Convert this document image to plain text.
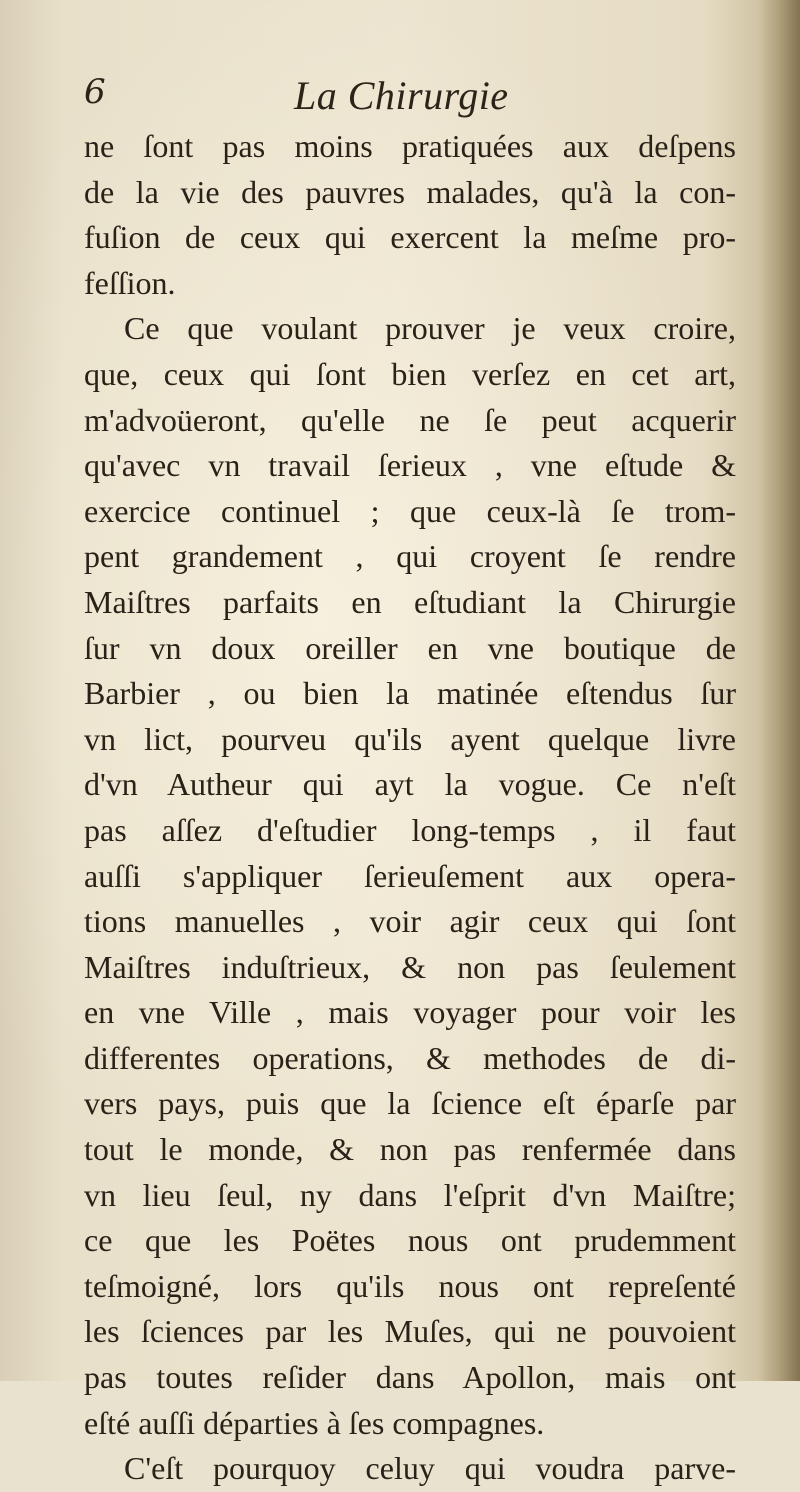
6	La Chirurgie
ne ſont pas moins pratiquées aux deſpens
de la vie des pauvres malades, qu'à la con-
fuſion de ceux qui exercent la meſme pro-
feſſion.
Ce que voulant prouver je veux croire,
que, ceux qui ſont bien verſez en cet art,
m'advoüeront, qu'elle ne ſe peut acquerir
qu'avec vn travail ſerieux , vne eſtude &
exercice continuel ; que ceux-là ſe trom-
pent grandement , qui croyent ſe rendre
Maiſtres parfaits en eſtudiant la Chirurgie
ſur vn doux oreiller en vne boutique de
Barbier , ou bien la matinée eſtendus ſur
vn lict, pourveu qu'ils ayent quelque livre
d'vn Autheur qui ayt la vogue. Ce n'eſt
pas aſſez d'eſtudier long-temps , il faut
auſſi s'appliquer ſerieuſement aux opera-
tions manuelles , voir agir ceux qui ſont
Maiſtres induſtrieux, & non pas ſeulement
en vne Ville , mais voyager pour voir les
differentes operations, & methodes de di-
vers pays, puis que la ſcience eſt éparſe par
tout le monde, & non pas renfermée dans
vn lieu ſeul, ny dans l'eſprit d'vn Maiſtre;
ce que les Poëtes nous ont prudemment
teſmoigné, lors qu'ils nous ont repreſenté
les ſciences par les Muſes, qui ne pouvoient
pas toutes reſider dans Apollon, mais ont
eſté auſſi départies à ſes compagnes.
C'eſt pourquoy celuy qui voudra parve-
